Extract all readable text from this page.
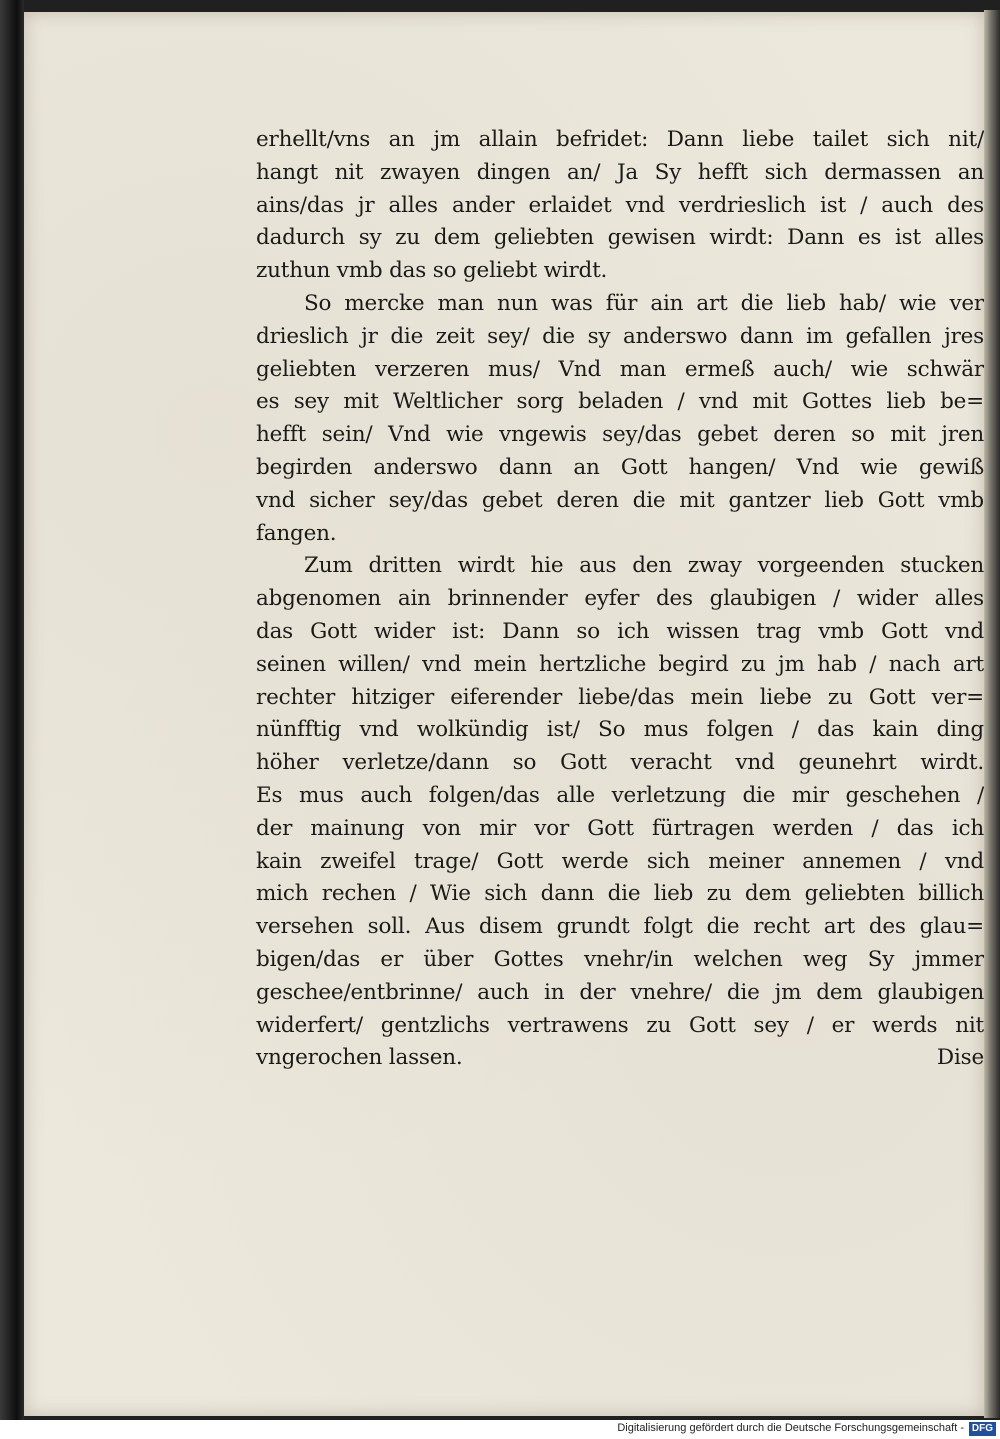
erhellt/vns an jm allain befridet: Dann liebe tailet sich nit/
hangt nit zwayen dingen an/ Ja Sy hefft sich dermassen an
ains/das jr alles ander erlaidet vnd verdrieslich ist / auch des
dadurch sy zu dem geliebten gewisen wirdt: Dann es ist alles
zuthun vmb das so geliebt wirdt.
So mercke man nun was für ain art die lieb hab/ wie ver
drieslich jr die zeit sey/ die sy anderswo dann im gefallen jres
geliebten verzeren mus/ Vnd man ermeß auch/ wie schwär
es sey mit Weltlicher sorg beladen / vnd mit Gottes lieb be=
hefft sein/ Vnd wie vngewis sey/das gebet deren so mit jren
begirden anderswo dann an Gott hangen/ Vnd wie gewiß
vnd sicher sey/das gebet deren die mit gantzer lieb Gott vmb
fangen.
Zum dritten wirdt hie aus den zway vorgeenden stucken
abgenomen ain brinnender eyfer des glaubigen / wider alles
das Gott wider ist: Dann so ich wissen trag vmb Gott vnd
seinen willen/ vnd mein hertzliche begird zu jm hab / nach art
rechter hitziger eiferender liebe/das mein liebe zu Gott ver=
nünfftig vnd wolkündig ist/ So mus folgen / das kain ding
höher verletze/dann so Gott veracht vnd geunehrt wirdt.
Es mus auch folgen/das alle verletzung die mir geschehen /
der mainung von mir vor Gott fürtragen werden / das ich
kain zweifel trage/ Gott werde sich meiner annemen / vnd
mich rechen / Wie sich dann die lieb zu dem geliebten billich
versehen soll. Aus disem grundt folgt die recht art des glau=
bigen/das er über Gottes vnehr/in welchen weg Sy jmmer
geschee/entbrinne/ auch in der vnehre/ die jm dem glaubigen
widerfert/ gentzlichs vertrawens zu Gott sey / er werds nit
vngerochen lassen.	Dise
Digitalisierung gefördert durch die Deutsche Forschungsgemeinschaft - DFG
